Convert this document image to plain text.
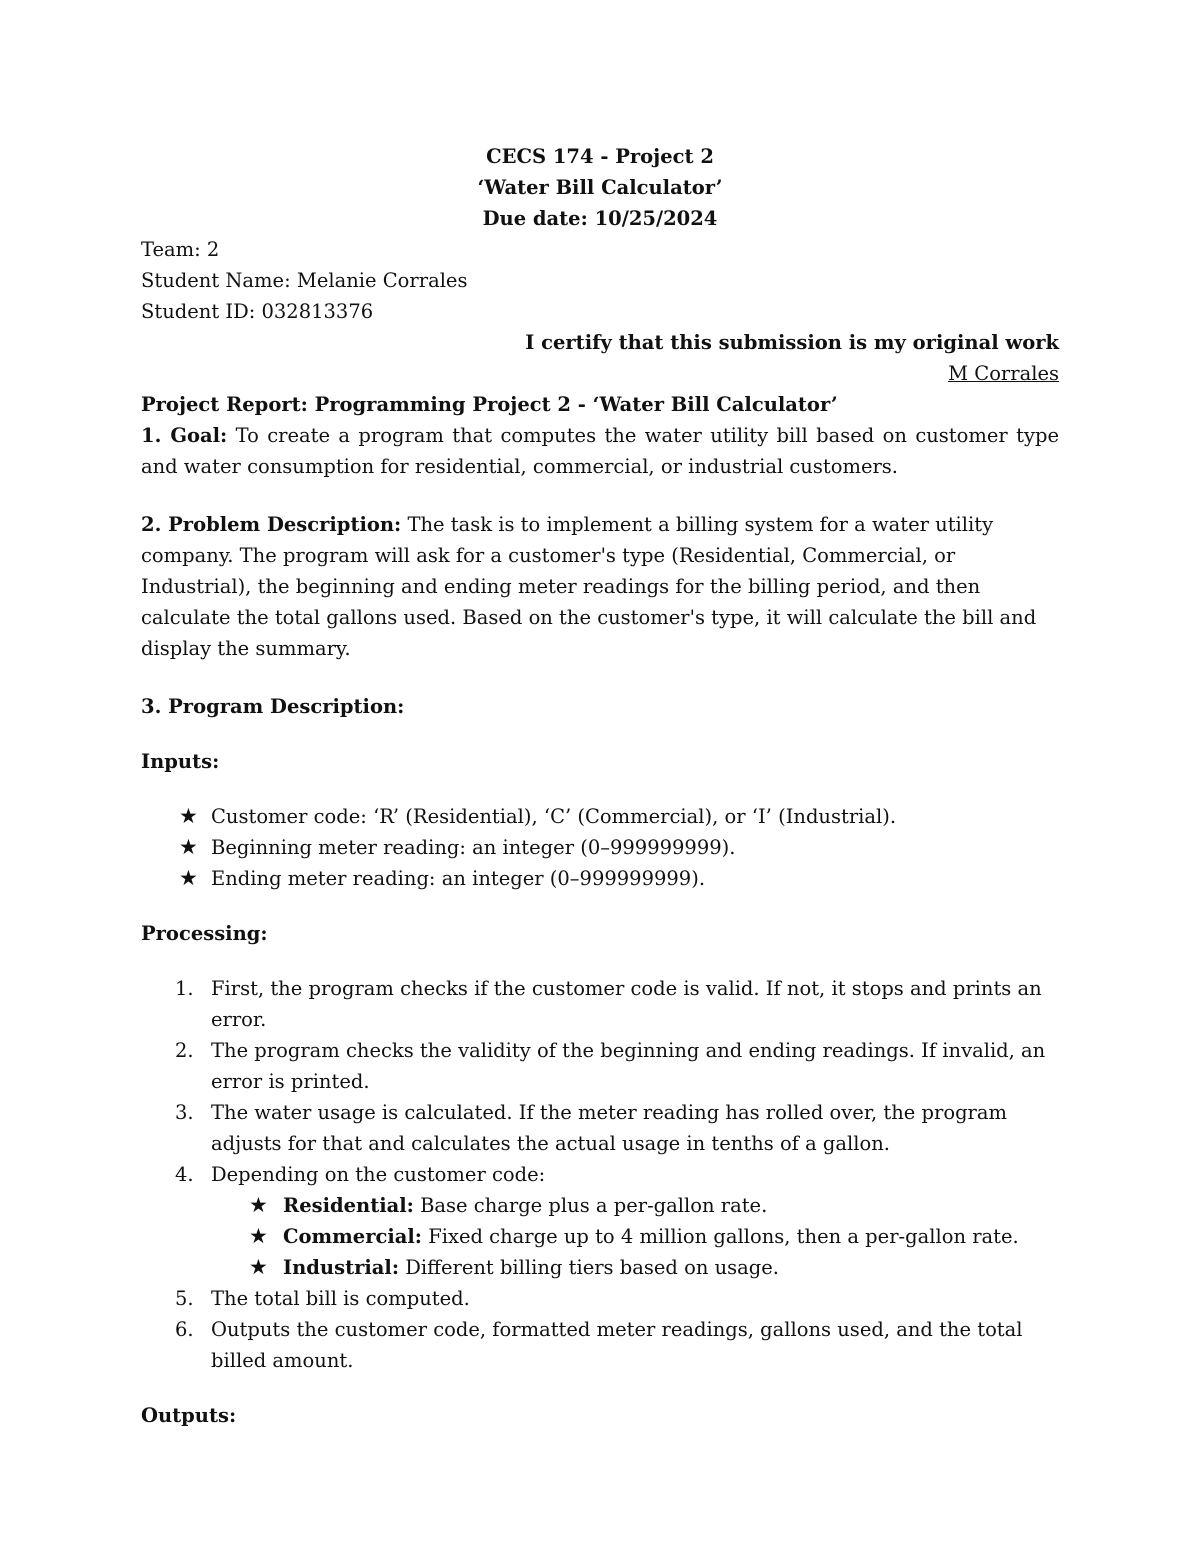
CECS 174 - Project 2
‘Water Bill Calculator’
Due date: 10/25/2024
Team: 2
Student Name: Melanie Corrales
Student ID: 032813376
I certify that this submission is my original work
M Corrales
Project Report: Programming Project 2 - ‘Water Bill Calculator’

1. Goal: To create a program that computes the water utility bill based on customer type and water consumption for residential, commercial, or industrial customers.

2. Problem Description: The task is to implement a billing system for a water utility company. The program will ask for a customer's type (Residential, Commercial, or Industrial), the beginning and ending meter readings for the billing period, and then calculate the total gallons used. Based on the customer's type, it will calculate the bill and display the summary.

3. Program Description:
Inputs:
★ Customer code: ‘R’ (Residential), ‘C’ (Commercial), or ‘I’ (Industrial).
★ Beginning meter reading: an integer (0–999999999).
★ Ending meter reading: an integer (0–999999999).
Processing:
1. First, the program checks if the customer code is valid. If not, it stops and prints an error.
2. The program checks the validity of the beginning and ending readings. If invalid, an error is printed.
3. The water usage is calculated. If the meter reading has rolled over, the program adjusts for that and calculates the actual usage in tenths of a gallon.
4. Depending on the customer code:
★ Residential: Base charge plus a per-gallon rate.
★ Commercial: Fixed charge up to 4 million gallons, then a per-gallon rate.
★ Industrial: Different billing tiers based on usage.
5. The total bill is computed.
6. Outputs the customer code, formatted meter readings, gallons used, and the total billed amount.
Outputs:
